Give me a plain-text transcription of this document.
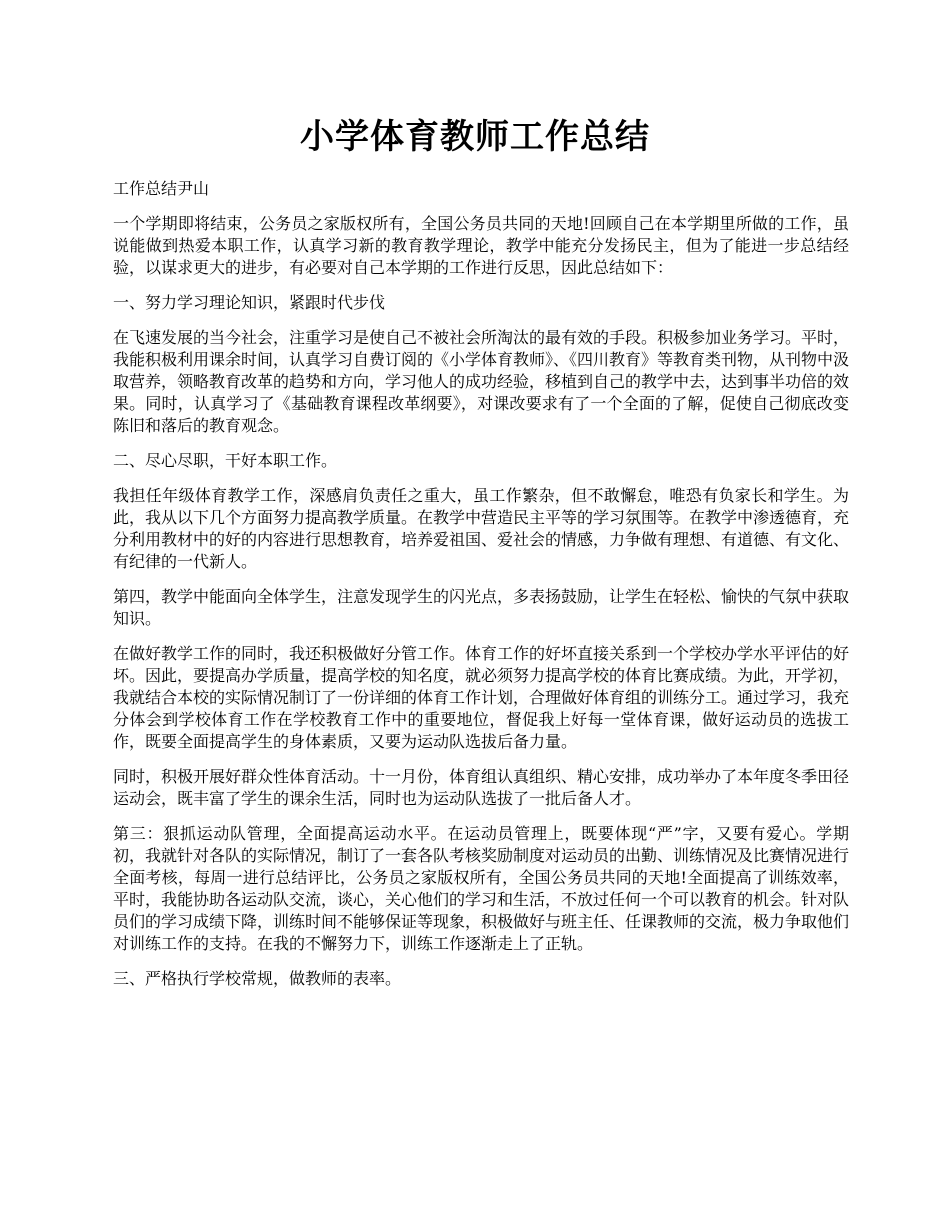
小学体育教师工作总结

工作总结尹山

一个学期即将结束，公务员之家版权所有，全国公务员共同的天地!回顾自己在本学期里所做的工作，虽说能做到热爱本职工作，认真学习新的教育教学理论，教学中能充分发扬民主，但为了能进一步总结经验，以谋求更大的进步，有必要对自己本学期的工作进行反思，因此总结如下：

一、努力学习理论知识，紧跟时代步伐

在飞速发展的当今社会，注重学习是使自己不被社会所淘汰的最有效的手段。积极参加业务学习。平时，我能积极利用课余时间，认真学习自费订阅的《小学体育教师》、《四川教育》等教育类刊物，从刊物中汲取营养，领略教育改革的趋势和方向，学习他人的成功经验，移植到自己的教学中去，达到事半功倍的效果。同时，认真学习了《基础教育课程改革纲要》，对课改要求有了一个全面的了解，促使自己彻底改变陈旧和落后的教育观念。

二、尽心尽职，干好本职工作。

我担任年级体育教学工作，深感肩负责任之重大，虽工作繁杂，但不敢懈怠，唯恐有负家长和学生。为此，我从以下几个方面努力提高教学质量。在教学中营造民主平等的学习氛围等。在教学中渗透德育，充分利用教材中的好的内容进行思想教育，培养爱祖国、爱社会的情感，力争做有理想、有道德、有文化、有纪律的一代新人。

第四，教学中能面向全体学生，注意发现学生的闪光点，多表扬鼓励，让学生在轻松、愉快的气氛中获取知识。

在做好教学工作的同时，我还积极做好分管工作。体育工作的好坏直接关系到一个学校办学水平评估的好坏。因此，要提高办学质量，提高学校的知名度，就必须努力提高学校的体育比赛成绩。为此，开学初，我就结合本校的实际情况制订了一份详细的体育工作计划，合理做好体育组的训练分工。通过学习，我充分体会到学校体育工作在学校教育工作中的重要地位，督促我上好每一堂体育课，做好运动员的选拔工作，既要全面提高学生的身体素质，又要为运动队选拔后备力量。

同时，积极开展好群众性体育活动。十一月份，体育组认真组织、精心安排，成功举办了本年度冬季田径运动会，既丰富了学生的课余生活，同时也为运动队选拔了一批后备人才。

第三：狠抓运动队管理，全面提高运动水平。在运动员管理上，既要体现“严”字，又要有爱心。学期初，我就针对各队的实际情况，制订了一套各队考核奖励制度对运动员的出勤、训练情况及比赛情况进行全面考核，每周一进行总结评比，公务员之家版权所有，全国公务员共同的天地!全面提高了训练效率，平时，我能协助各运动队交流，谈心，关心他们的学习和生活，不放过任何一个可以教育的机会。针对队员们的学习成绩下降，训练时间不能够保证等现象，积极做好与班主任、任课教师的交流，极力争取他们对训练工作的支持。在我的不懈努力下，训练工作逐渐走上了正轨。

三、严格执行学校常规，做教师的表率。
